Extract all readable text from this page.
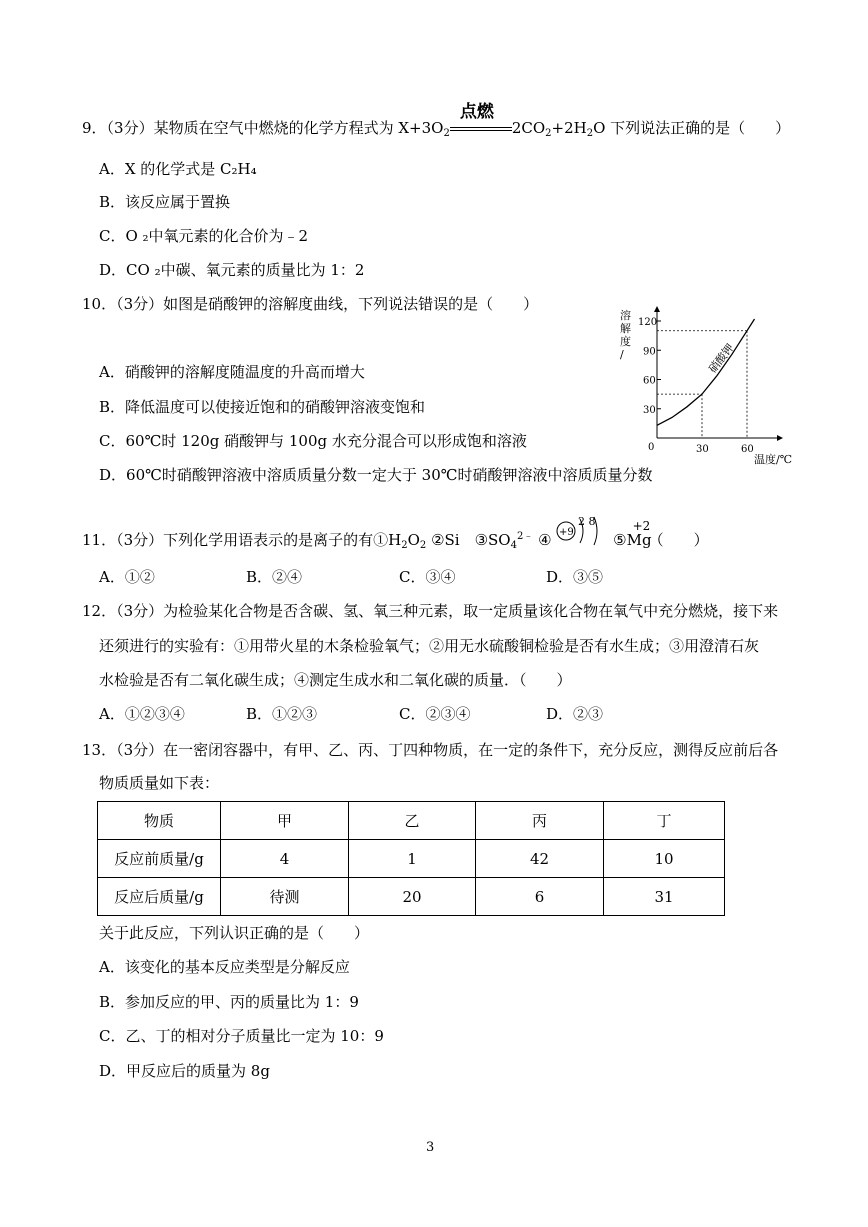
9．（3分）某物质在空气中燃烧的化学方程式为 $X+3O_2$
点燃
$2CO_2+2H_2O$ 下列说法正确的是（　　）
A．X 的化学式是 C₂H₄
B．该反应属于置换
C．O ₂中氧元素的化合价为﹣2
D．CO ₂中碳、氧元素的质量比为 1：2
10．（3分）如图是硝酸钾的溶解度曲线，下列说法错误的是（　　）
A．硝酸钾的溶解度随温度的升高而增大
B．降低温度可以使接近饱和的硝酸钾溶液变饱和
C．60℃时 120g 硝酸钾与 100g 水充分混合可以形成饱和溶液
D．60℃时硝酸钾溶液中溶质质量分数一定大于 30℃时硝酸钾溶液中溶质质量分数
溶
解
度
/
30
60
90
120
30	60
硝酸钾
0
温度/℃
11．（3分）下列化学用语表示的是离子的有$①H_2O_2$ ②Si　$③SO_4^{2﹣}$ ④ +9
2 8
⑤
+2
Mg（　　）
A．①②	B．②④	C．③④	D．③⑤
12．（3分）为检验某化合物是否含碳、氢、氧三种元素，取一定质量该化合物在氧气中充分燃烧，接下来
还须进行的实验有：①用带火星的木条检验氧气；②用无水硫酸铜检验是否有水生成；③用澄清石灰
水检验是否有二氧化碳生成；④测定生成水和二氧化碳的质量．（　　）
A．①②③④	B．①②③	C．②③④	D．②③
13．（3分）在一密闭容器中，有甲、乙、丙、丁四种物质，在一定的条件下，充分反应，测得反应前后各
物质质量如下表：
物质	甲	乙	丙	丁
反应前质量/g	4	1	42	10
反应后质量/g	待测	20	6	31
关于此反应，下列认识正确的是（　　）
A．该变化的基本反应类型是分解反应
B．参加反应的甲、丙的质量比为 1：9
C．乙、丁的相对分子质量比一定为 10：9
D．甲反应后的质量为 8g
3
